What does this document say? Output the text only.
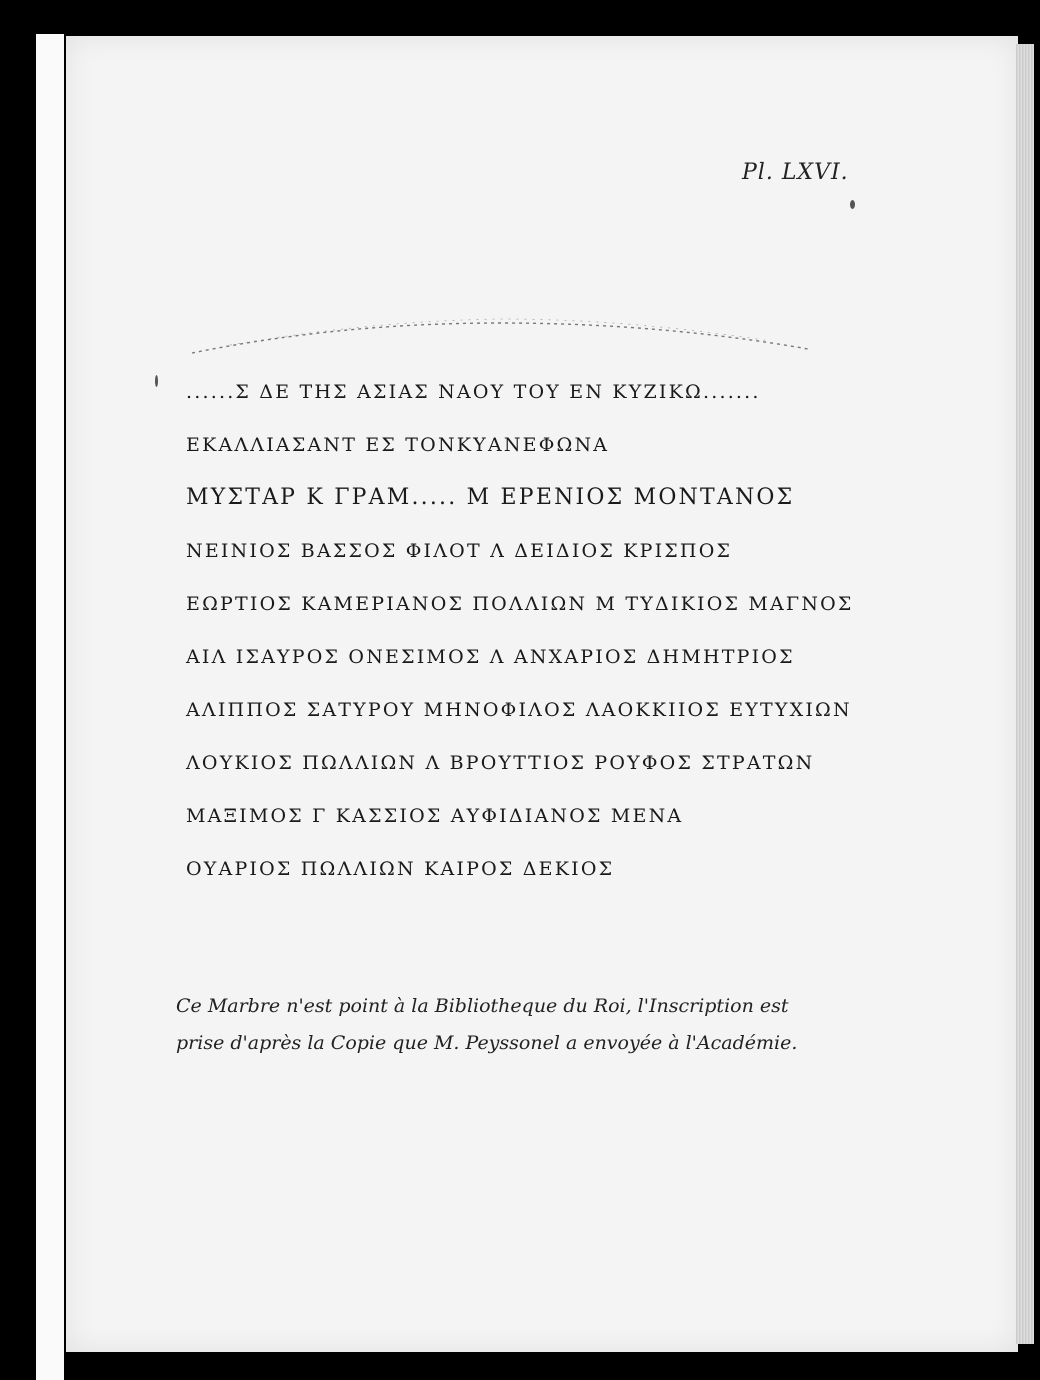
Pl. LXVI.
......Σ ΔΕ ΤΗΣ ΑΣΙΑΣ ΝΑΟΥ ΤΟΥ ΕΝ ΚΥΖΙΚΩ.......
ΕΚΑΛΛΙΑΣΑΝΤ ΕΣ ΤΟΝΚΥΑΝΕΦΩΝΑ
ΜΥΣΤΑΡ Κ ΓΡΑΜ..... Μ ΕΡΕΝΙΟΣ ΜΟΝΤΑΝΟΣ
ΝΕΙΝΙΟΣ ΒΑΣΣΟΣ ΦΙΛΟΤ Λ ΔΕΙΔΙΟΣ ΚΡΙΣΠΟΣ
ΕΩΡΤΙΟΣ ΚΑΜΕΡΙΑΝΟΣ ΠΟΛΛΙΩΝ Μ ΤΥΔΙΚΙΟΣ ΜΑΓΝΟΣ
ΑΙΛ ΙΣΑΥΡΟΣ ΟΝΕΣΙΜΟΣ Λ ΑΝΧΑΡΙΟΣ ΔΗΜΗΤΡΙΟΣ
ΑΛΙΠΠΟΣ ΣΑΤΥΡΟΥ ΜΗΝΟΦΙΛΟΣ ΛΑΟΚΚΙΙΟΣ ΕΥΤΥΧΙΩΝ
ΛΟΥΚΙΟΣ ΠΩΛΛΙΩΝ Λ ΒΡΟΥΤΤΙΟΣ ΡΟΥΦΟΣ ΣΤΡΑΤΩΝ
ΜΑΞΙΜΟΣ Γ ΚΑΣΣΙΟΣ ΑΥΦΙΔΙΑΝΟΣ ΜΕΝΑ
ΟΥΑΡΙΟΣ ΠΩΛΛΙΩΝ ΚΑΙΡΟΣ ΔΕΚΙΟΣ
Ce Marbre n'est point à la Bibliotheque du Roi, l'Inscription est
prise d'après la Copie que M. Peyssonel a envoyée à l'Académie.
